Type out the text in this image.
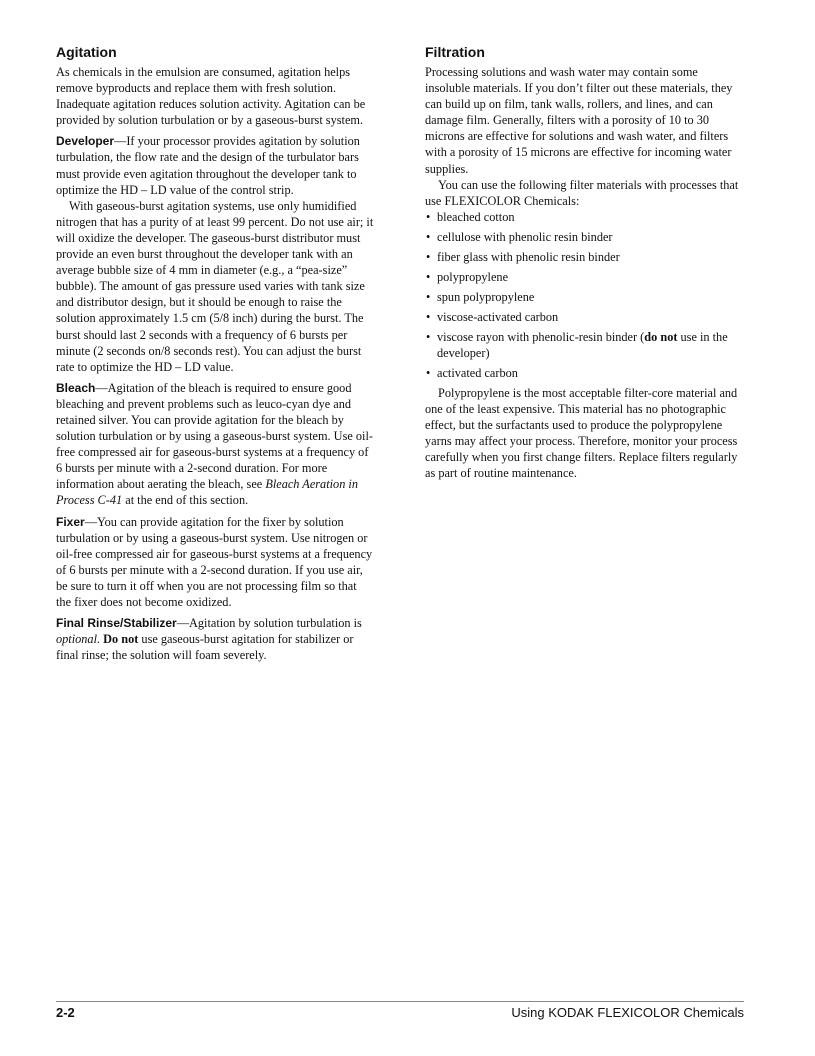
Agitation

As chemicals in the emulsion are consumed, agitation helps remove byproducts and replace them with fresh solution. Inadequate agitation reduces solution activity. Agitation can be provided by solution turbulation or by a gaseous-burst system.

Developer—If your processor provides agitation by solution turbulation, the flow rate and the design of the turbulator bars must provide even agitation throughout the developer tank to optimize the HD – LD value of the control strip.

With gaseous-burst agitation systems, use only humidified nitrogen that has a purity of at least 99 percent. Do not use air; it will oxidize the developer. The gaseous-burst distributor must provide an even burst throughout the developer tank with an average bubble size of 4 mm in diameter (e.g., a “pea-size” bubble). The amount of gas pressure used varies with tank size and distributor design, but it should be enough to raise the solution approximately 1.5 cm (5/8 inch) during the burst. The burst should last 2 seconds with a frequency of 6 bursts per minute (2 seconds on/8 seconds rest). You can adjust the burst rate to optimize the HD – LD value.

Bleach—Agitation of the bleach is required to ensure good bleaching and prevent problems such as leuco-cyan dye and retained silver. You can provide agitation for the bleach by solution turbulation or by using a gaseous-burst system. Use oil-free compressed air for gaseous-burst systems at a frequency of 6 bursts per minute with a 2-second duration. For more information about aerating the bleach, see Bleach Aeration in Process C-41 at the end of this section.

Fixer—You can provide agitation for the fixer by solution turbulation or by using a gaseous-burst system. Use nitrogen or oil-free compressed air for gaseous-burst systems at a frequency of 6 bursts per minute with a 2-second duration. If you use air, be sure to turn it off when you are not processing film so that the fixer does not become oxidized.

Final Rinse/Stabilizer—Agitation by solution turbulation is optional. Do not use gaseous-burst agitation for stabilizer or final rinse; the solution will foam severely.

Filtration

Processing solutions and wash water may contain some insoluble materials. If you don’t filter out these materials, they can build up on film, tank walls, rollers, and lines, and can damage film. Generally, filters with a porosity of 10 to 30 microns are effective for solutions and wash water, and filters with a porosity of 15 microns are effective for incoming water supplies.

You can use the following filter materials with processes that use FLEXICOLOR Chemicals:

• bleached cotton
• cellulose with phenolic resin binder
• fiber glass with phenolic resin binder
• polypropylene
• spun polypropylene
• viscose-activated carbon
• viscose rayon with phenolic-resin binder (do not use in the developer)
• activated carbon

Polypropylene is the most acceptable filter-core material and one of the least expensive. This material has no photographic effect, but the surfactants used to produce the polypropylene yarns may affect your process. Therefore, monitor your process carefully when you first change filters. Replace filters regularly as part of routine maintenance.

2-2	Using KODAK FLEXICOLOR Chemicals
